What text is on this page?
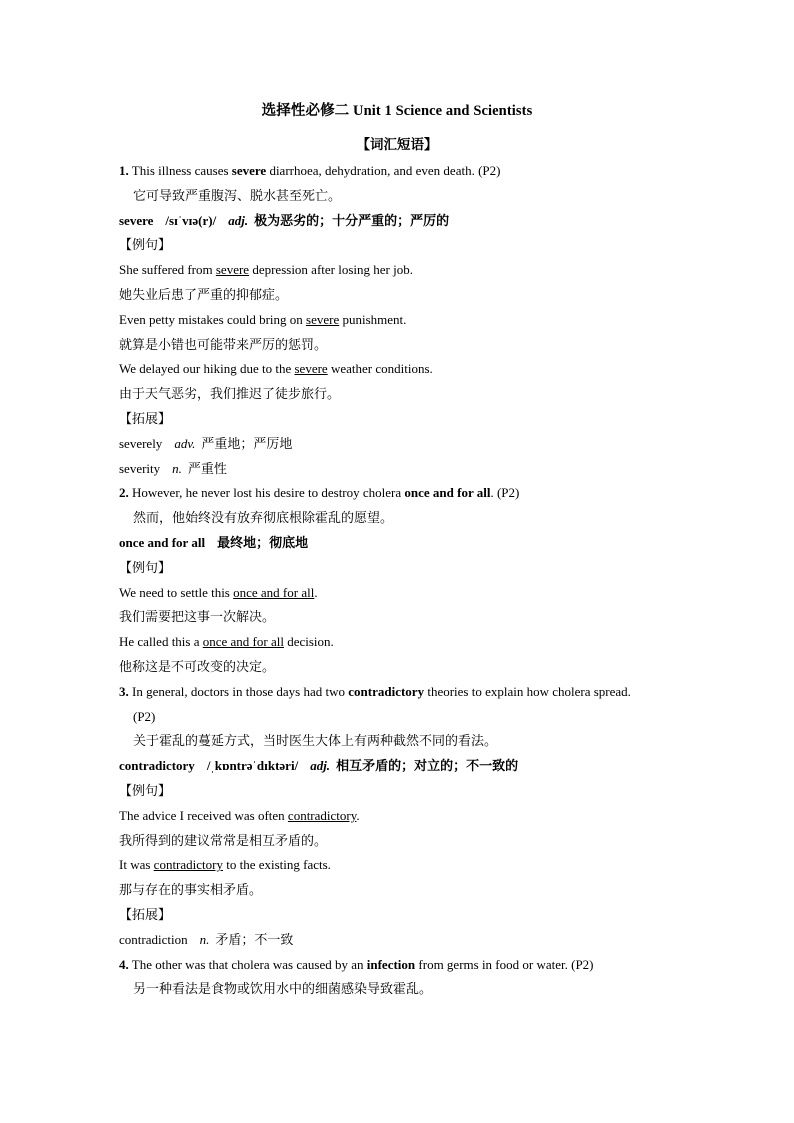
选择性必修二 Unit 1 Science and Scientists
【词汇短语】
1. This illness causes severe diarrhoea, dehydration, and even death. (P2)
它可导致严重腹泻、脱水甚至死亡。
severe /sɪˈvɪə(r)/ adj. 极为恶劣的；十分严重的；严厉的
【例句】
She suffered from severe depression after losing her job.
她失业后患了严重的抑郁症。
Even petty mistakes could bring on severe punishment.
就算是小错也可能带来严厉的惩罚。
We delayed our hiking due to the severe weather conditions.
由于天气恶劣，我们推迟了徒步旅行。
【拓展】
severely adv. 严重地；严厉地
severity n. 严重性
2. However, he never lost his desire to destroy cholera once and for all. (P2)
然而，他始终没有放弃彻底根除霍乱的愿望。
once and for all 最终地；彻底地
【例句】
We need to settle this once and for all.
我们需要把这事一次解决。
He called this a once and for all decision.
他称这是不可改变的决定。
3. In general, doctors in those days had two contradictory theories to explain how cholera spread.
(P2)
关于霍乱的蔓延方式，当时医生大体上有两种截然不同的看法。
contradictory /ˌkɒntrəˈdɪktəri/ adj. 相互矛盾的；对立的；不一致的
【例句】
The advice I received was often contradictory.
我所得到的建议常常是相互矛盾的。
It was contradictory to the existing facts.
那与存在的事实相矛盾。
【拓展】
contradiction n. 矛盾；不一致
4. The other was that cholera was caused by an infection from germs in food or water. (P2)
另一种看法是食物或饮用水中的细菌感染导致霍乱。
